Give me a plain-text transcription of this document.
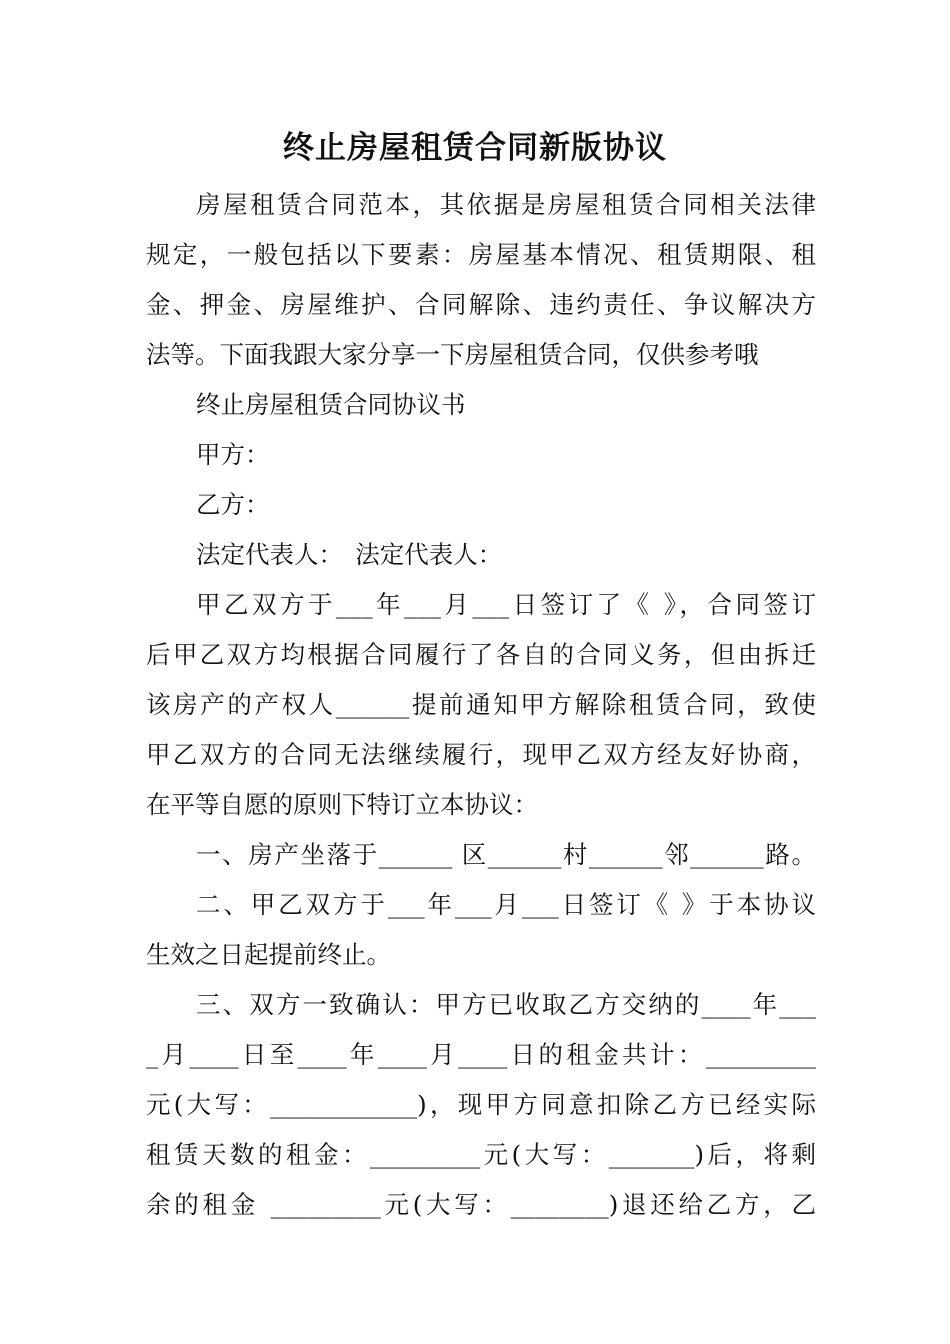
终止房屋租赁合同新版协议
房屋租赁合同范本，其依据是房屋租赁合同相关法律
规定，一般包括以下要素：房屋基本情况、租赁期限、租
金、押金、房屋维护、合同解除、违约责任、争议解决方
法等。下面我跟大家分享一下房屋租赁合同，仅供参考哦
终止房屋租赁合同协议书
甲方：
乙方：
法定代表人：　法定代表人：
甲乙双方于___年___月___日签订了《 》，合同签订
后甲乙双方均根据合同履行了各自的合同义务，但由拆迁
该房产的产权人______提前通知甲方解除租赁合同，致使
甲乙双方的合同无法继续履行，现甲乙双方经友好协商，
在平等自愿的原则下特订立本协议：
一、房产坐落于______ 区______村______邻______路。
二、甲乙双方于___年___月___日签订《 》于本协议
生效之日起提前终止。
三、双方一致确认：甲方已收取乙方交纳的____年___
_月____日至____年____月____日的租金共计：_________
元(大写：____________)，现甲方同意扣除乙方已经实际
租赁天数的租金：_________元(大写：_______)后，将剩
余的租金 _________元(大写：________)退还给乙方，乙
